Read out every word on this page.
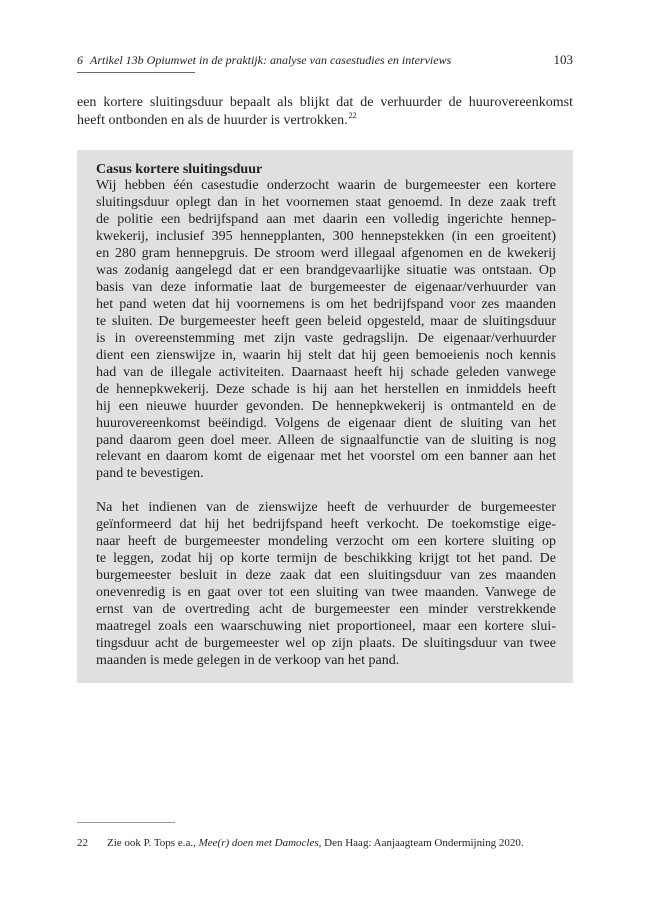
6 Artikel 13b Opiumwet in de praktijk: analyse van casestudies en interviews	103
een kortere sluitingsduur bepaalt als blijkt dat de verhuurder de huurovereenkomst
heeft ontbonden en als de huurder is vertrokken.$^{22}$
Casus kortere sluitingsduur

Wij hebben één casestudie onderzocht waarin de burgemeester een kortere
sluitingsduur oplegt dan in het voornemen staat genoemd. In deze zaak treft
de politie een bedrijfspand aan met daarin een volledig ingerichte hennep-
kwekerij, inclusief 395 hennepplanten, 300 hennepstekken (in een groeitent)
en 280 gram hennepgruis. De stroom werd illegaal afgenomen en de kwekerij
was zodanig aangelegd dat er een brandgevaarlijke situatie was ontstaan. Op
basis van deze informatie laat de burgemeester de eigenaar/verhuurder van
het pand weten dat hij voornemens is om het bedrijfspand voor zes maanden
te sluiten. De burgemeester heeft geen beleid opgesteld, maar de sluitingsduur
is in overeenstemming met zijn vaste gedragslijn. De eigenaar/verhuurder
dient een zienswijze in, waarin hij stelt dat hij geen bemoeienis noch kennis
had van de illegale activiteiten. Daarnaast heeft hij schade geleden vanwege
de hennepkwekerij. Deze schade is hij aan het herstellen en inmiddels heeft
hij een nieuwe huurder gevonden. De hennepkwekerij is ontmanteld en de
huurovereenkomst beëindigd. Volgens de eigenaar dient de sluiting van het
pand daarom geen doel meer. Alleen de signaalfunctie van de sluiting is nog
relevant en daarom komt de eigenaar met het voorstel om een banner aan het
pand te bevestigen.

Na het indienen van de zienswijze heeft de verhuurder de burgemeester
geïnformeerd dat hij het bedrijfspand heeft verkocht. De toekomstige eige-
naar heeft de burgemeester mondeling verzocht om een kortere sluiting op
te leggen, zodat hij op korte termijn de beschikking krijgt tot het pand. De
burgemeester besluit in deze zaak dat een sluitingsduur van zes maanden
onevenredig is en gaat over tot een sluiting van twee maanden. Vanwege de
ernst van de overtreding acht de burgemeester een minder verstrekkende
maatregel zoals een waarschuwing niet proportioneel, maar een kortere slui-
tingsduur acht de burgemeester wel op zijn plaats. De sluitingsduur van twee
maanden is mede gelegen in de verkoop van het pand.

22 Zie ook P. Tops e.a., Mee(r) doen met Damocles, Den Haag: Aanjaagteam Ondermijning 2020.
